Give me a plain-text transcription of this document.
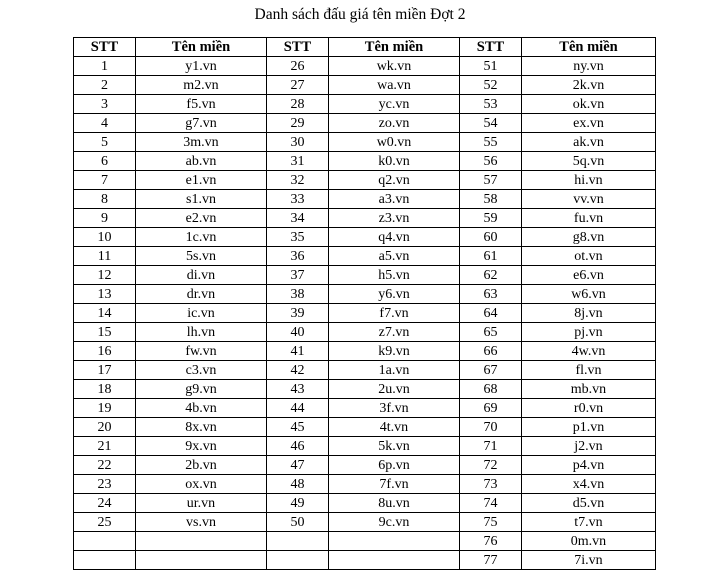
Danh sách đấu giá tên miền Đợt 2
STT	Tên miền	STT	Tên miền	STT	Tên miền
1	y1.vn	26	wk.vn	51	ny.vn
2	m2.vn	27	wa.vn	52	2k.vn
3	f5.vn	28	yc.vn	53	ok.vn
4	g7.vn	29	zo.vn	54	ex.vn
5	3m.vn	30	w0.vn	55	ak.vn
6	ab.vn	31	k0.vn	56	5q.vn
7	e1.vn	32	q2.vn	57	hi.vn
8	s1.vn	33	a3.vn	58	vv.vn
9	e2.vn	34	z3.vn	59	fu.vn
10	1c.vn	35	q4.vn	60	g8.vn
11	5s.vn	36	a5.vn	61	ot.vn
12	di.vn	37	h5.vn	62	e6.vn
13	dr.vn	38	y6.vn	63	w6.vn
14	ic.vn	39	f7.vn	64	8j.vn
15	lh.vn	40	z7.vn	65	pj.vn
16	fw.vn	41	k9.vn	66	4w.vn
17	c3.vn	42	1a.vn	67	fl.vn
18	g9.vn	43	2u.vn	68	mb.vn
19	4b.vn	44	3f.vn	69	r0.vn
20	8x.vn	45	4t.vn	70	p1.vn
21	9x.vn	46	5k.vn	71	j2.vn
22	2b.vn	47	6p.vn	72	p4.vn
23	ox.vn	48	7f.vn	73	x4.vn
24	ur.vn	49	8u.vn	74	d5.vn
25	vs.vn	50	9c.vn	75	t7.vn
				76	0m.vn
				77	7i.vn
